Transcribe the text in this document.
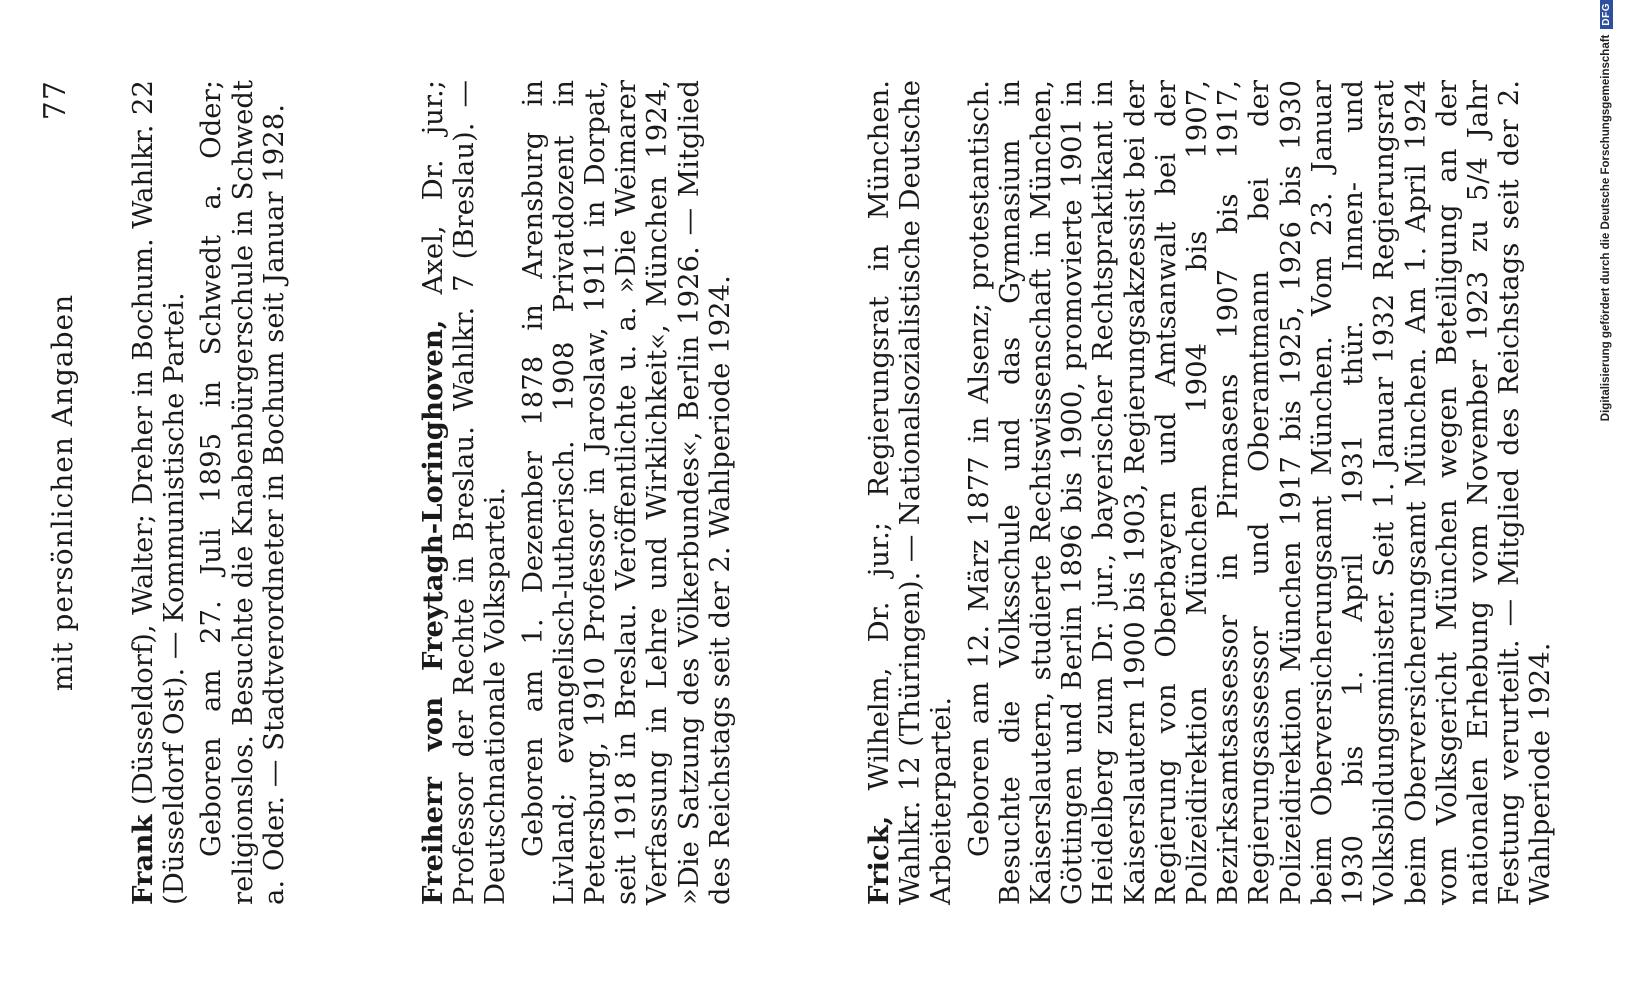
mit persönlichen Angaben
77

Frank (Düsseldorf), Walter; Dreher in Bochum. Wahlkr. 22 (Düsseldorf Ost). — Kommunistische Partei. Geboren am 27. Juli 1895 in Schwedt a. Oder; religionslos. Besuchte die Knabenbürgerschule in Schwedt a. Oder. — Stadtverordneter in Bochum seit Januar 1928.	Freiherr von Freytagh-Loringhoven, Axel, Dr. jur.; Professor der Rechte in Breslau. Wahlkr. 7 (Breslau). — Deutschnationale Volkspartei. Geboren am 1. Dezember 1878 in Arensburg in Livland; evangelisch-lutherisch. 1908 Privatdozent in Petersburg, 1910 Professor in Jaroslaw, 1911 in Dorpat, seit 1918 in Breslau. Veröffentlichte u. a. »Die Weimarer Verfassung in Lehre und Wirklichkeit«, München 1924, »Die Satzung des Völkerbundes«, Berlin 1926. — Mitglied des Reichstags seit der 2. Wahlperiode 1924.	Frick, Wilhelm, Dr. jur.; Regierungsrat in München. Wahlkr. 12 (Thüringen). — Nationalsozialistische Deutsche Arbeiterpartei. Geboren am 12. März 1877 in Alsenz; protestantisch. Besuchte die Volksschule und das Gymnasium in Kaiserslautern, studierte Rechtswissenschaft in München, Göttingen und Berlin 1896 bis 1900, promovierte 1901 in Heidelberg zum Dr. jur., bayerischer Rechtspraktikant in Kaiserslautern 1900 bis 1903, Regierungsakzessist bei der Regierung von Oberbayern und Amtsanwalt bei der Polizeidirektion München 1904 bis 1907, Bezirksamtsassessor in Pirmasens 1907 bis 1917, Regierungsassessor und Oberamtmann bei der Polizeidirektion München 1917 bis 1925, 1926 bis 1930 beim Oberversicherungsamt München. Vom 23. Januar 1930 bis 1. April 1931 thür. Innen- und Volksbildungsminister. Seit 1. Januar 1932 Regierungsrat beim Oberversicherungsamt München. Am 1. April 1924 vom Volksgericht München wegen Beteiligung an der nationalen Erhebung vom November 1923 zu 5/4 Jahr Festung verurteilt. — Mitglied des Reichstags seit der 2. Wahlperiode 1924.

Digitalisierung gefördert durch die Deutsche Forschungsgemeinschaft
DFG
